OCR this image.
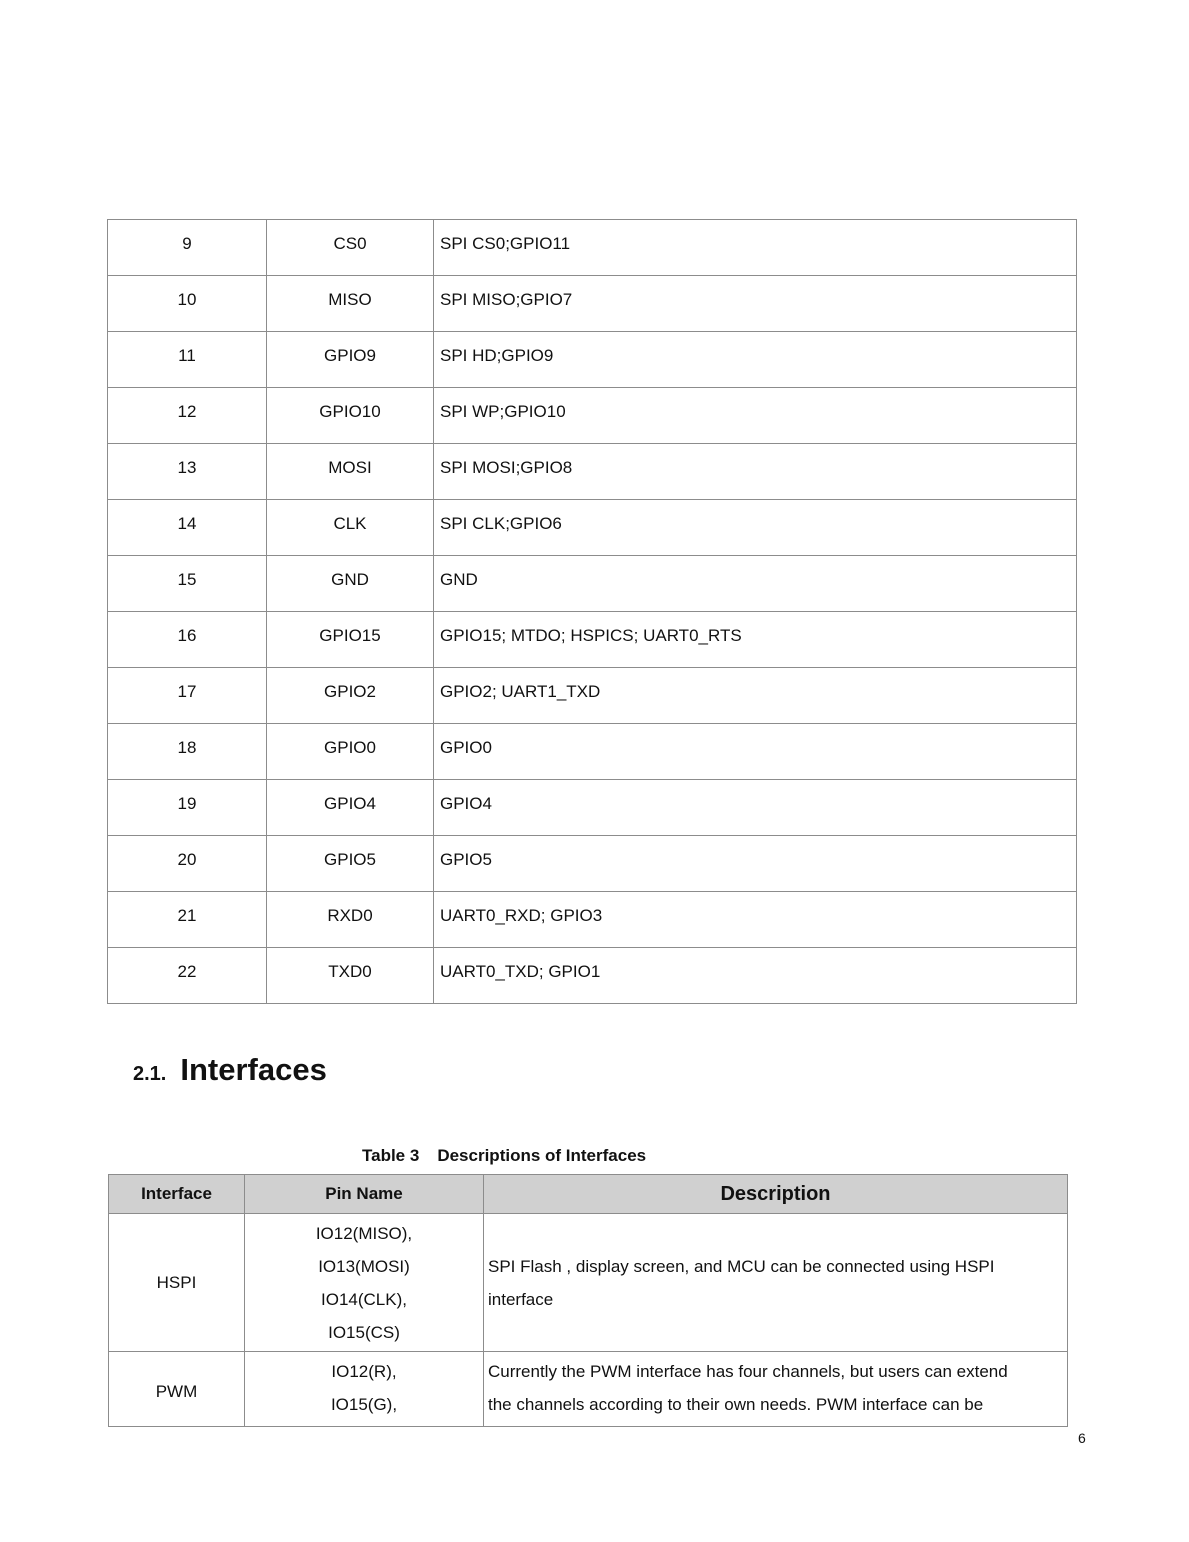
9	CS0	SPI CS0;GPIO11

10	MISO	SPI MISO;GPIO7

11	GPIO9	SPI HD;GPIO9

12	GPIO10	SPI WP;GPIO10

13	MOSI	SPI MOSI;GPIO8

14	CLK	SPI CLK;GPIO6

15	GND	GND

16	GPIO15	GPIO15; MTDO; HSPICS; UART0_RTS

17	GPIO2	GPIO2; UART1_TXD

18	GPIO0	GPIO0

19	GPIO4	GPIO4

20	GPIO5	GPIO5

21	RXD0	UART0_RXD; GPIO3

22	TXD0	UART0_TXD; GPIO1
2.1. Interfaces
Table 3 Descriptions of Interfaces
Interface	Pin Name	Description
HSPI	IO12(MISO),
IO13(MOSI)
IO14(CLK),
IO15(CS)	SPI Flash , display screen, and MCU can be connected using HSPI
interface

PWM	IO12(R),
IO15(G),	Currently the PWM interface has four channels, but users can extend
the channels according to their own needs. PWM interface can be
6
